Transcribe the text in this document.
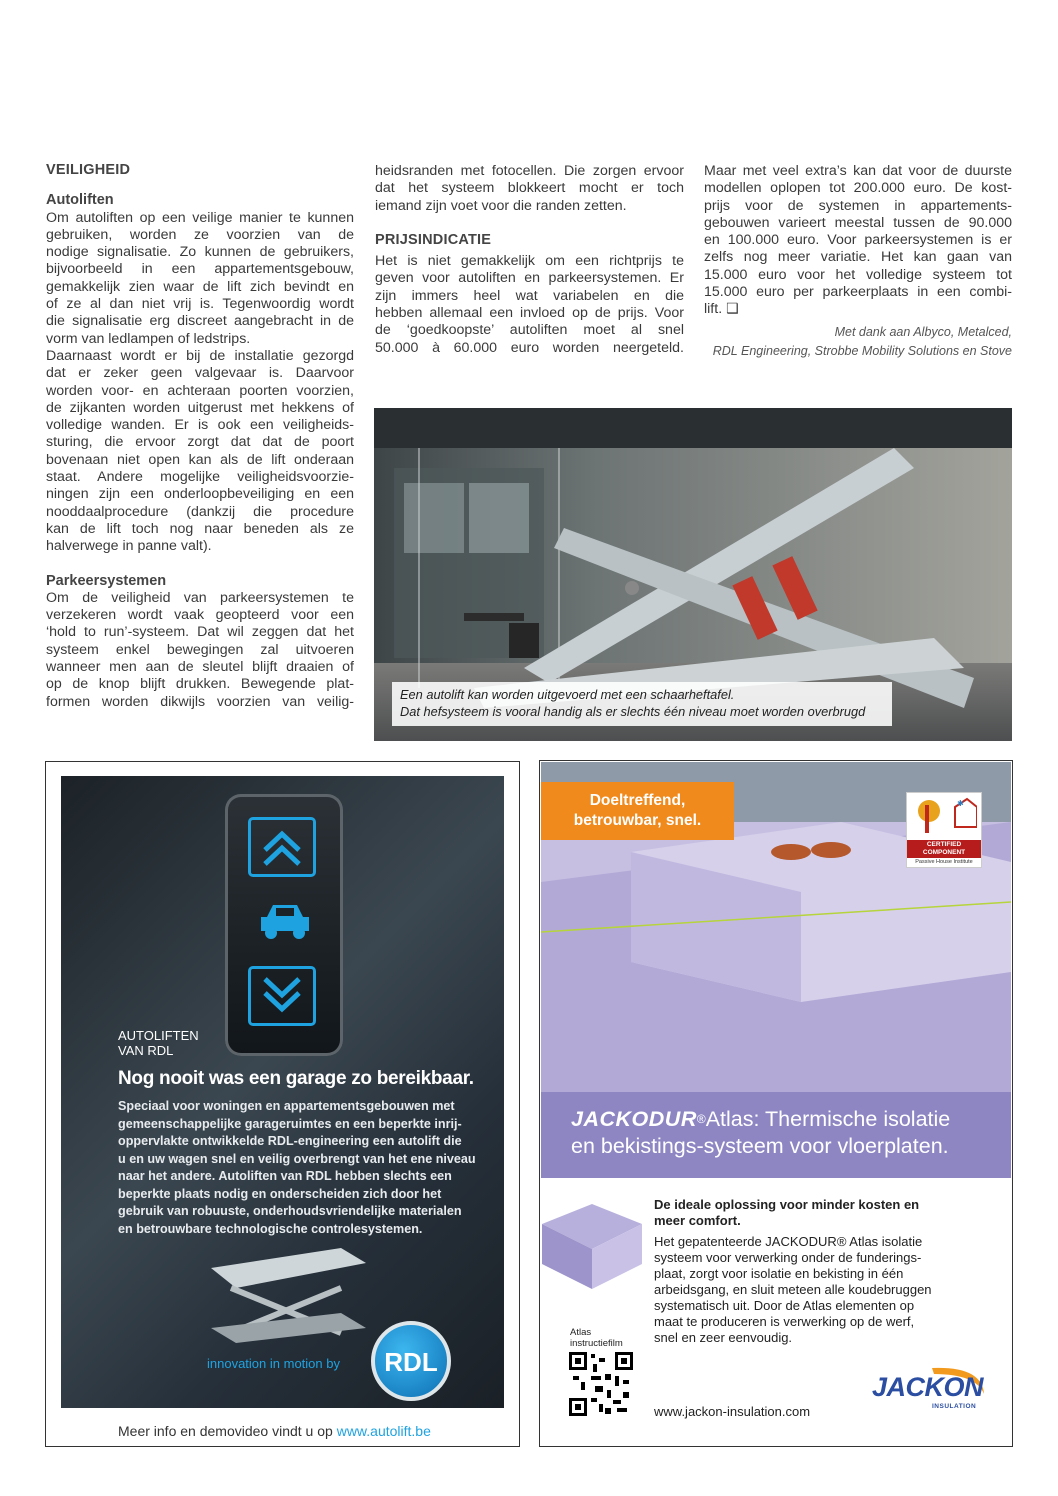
VEILIGHEID
Autoliften
Om autoliften op een veilige manier te kunnen
gebruiken, worden ze voorzien van de
nodige signalisatie. Zo kunnen de gebruikers,
bijvoorbeeld in een appartementsgebouw,
gemakkelijk zien waar de lift zich bevindt en
of ze al dan niet vrij is. Tegenwoordig wordt
die signalisatie erg discreet aangebracht in de
vorm van ledlampen of ledstrips.
Daarnaast wordt er bij de installatie gezorgd
dat er zeker geen valgevaar is. Daarvoor
worden voor- en achteraan poorten voorzien,
de zijkanten worden uitgerust met hekkens of
volledige wanden. Er is ook een veiligheids-
sturing, die ervoor zorgt dat dat de poort
bovenaan niet open kan als de lift onderaan
staat. Andere mogelijke veiligheidsvoorzie-
ningen zijn een onderloopbeveiliging en een
nooddaalprocedure (dankzij die procedure
kan de lift toch nog naar beneden als ze
halverwege in panne valt).
Parkeersystemen
Om de veiligheid van parkeersystemen te
verzekeren wordt vaak geopteerd voor een
‘hold to run’-systeem. Dat wil zeggen dat het
systeem enkel bewegingen zal uitvoeren
wanneer men aan de sleutel blijft draaien of
op de knop blijft drukken. Bewegende plat-
formen worden dikwijls voorzien van veilig-
heidsranden met fotocellen. Die zorgen ervoor
dat het systeem blokkeert mocht er toch
iemand zijn voet voor die randen zetten.
PRIJSINDICATIE
Het is niet gemakkelijk om een richtprijs te
geven voor autoliften en parkeersystemen. Er
zijn immers heel wat variabelen en die
hebben allemaal een invloed op de prijs. Voor
de ‘goedkoopste’ autoliften moet al snel
50.000 à 60.000 euro worden neergeteld.
Maar met veel extra’s kan dat voor de duurste
modellen oplopen tot 200.000 euro. De kost-
prijs voor de systemen in appartements-
gebouwen varieert meestal tussen de 90.000
en 100.000 euro. Voor parkeersystemen is er
zelfs nog meer variatie. Het kan gaan van
15.000 euro voor het volledige systeem tot
15.000 euro per parkeerplaats in een combi-
lift. ❑
Met dank aan Albyco, Metalced,
RDL Engineering, Strobbe Mobility Solutions en Stove
Een autolift kan worden uitgevoerd met een schaarheftafel.
Dat hefsysteem is vooral handig als er slechts één niveau moet worden overbrugd
AUTOLIFTEN
VAN RDL
Nog nooit was een garage zo bereikbaar.
Speciaal voor woningen en appartementsgebouwen met
gemeenschappelijke garageruimtes en een beperkte inrij-
oppervlakte ontwikkelde RDL-engineering een autolift die
u en uw wagen snel en veilig overbrengt van het ene niveau
naar het andere. Autoliften van RDL hebben slechts een
beperkte plaats nodig en onderscheiden zich door het
gebruik van robuuste, onderhoudsvriendelijke materialen
en betrouwbare technologische controlesystemen.
innovation in motion by	RDL
Meer info en demovideo vindt u op www.autolift.be
Doeltreffend,
betrouwbar, snel.
✱
CERTIFIED
COMPONENT
Passive House Institute
JACKODUR®Atlas: Thermische isolatie
en bekistings-systeem voor vloerplaten.
De ideale oplossing voor minder kosten en
meer comfort.
Het gepatenteerde JACKODUR® Atlas isolatie
systeem voor verwerking onder de funderings-
plaat, zorgt voor isolatie en bekisting in één
arbeidsgang, en sluit meteen alle koudebruggen
systematisch uit. Door de Atlas elementen op
maat te produceren is verwerking op de werf,
snel en zeer eenvoudig.
Atlas
instructiefilm
www.jackon-insulation.com
JACKON
INSULATION
